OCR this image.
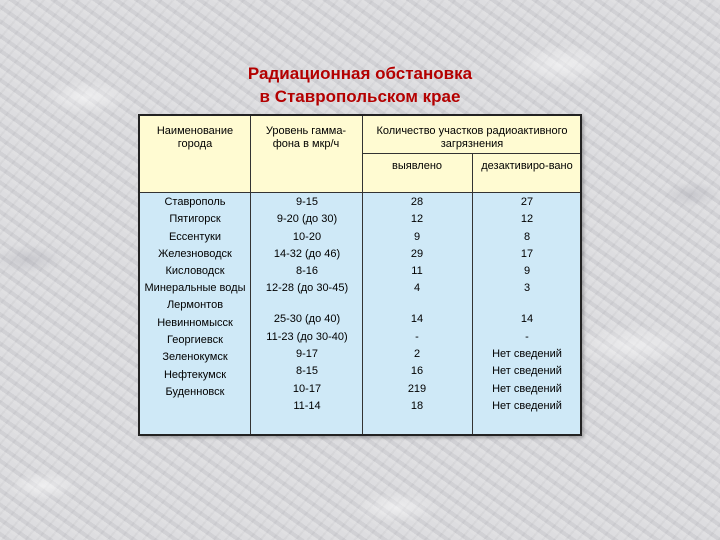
Радиационная обстановка
в Ставропольском крае
Наименование города
Уровень гамма-фона в мкр/ч
Количество участков радиоактивного загрязнения
выявлено	дезактивиро-вано
Ставрополь
Пятигорск
Ессентуки
Железноводск
Кисловодск
Минеральные воды
Лермонтов
Невинномысск
Георгиевск
Зеленокумск
Нефтекумск
Буденновск
9-15
9-20 (до 30)
10-20
14-32 (до 46)
8-16
12-28 (до 30-45)
25-30 (до 40)
11-23 (до 30-40)
9-17
8-15
10-17
11-14
28
12
9
29
11
4
14
-
2
16
219
18
27
12
8
17
9
3
14
-
Нет сведений
Нет сведений
Нет сведений
Нет сведений
